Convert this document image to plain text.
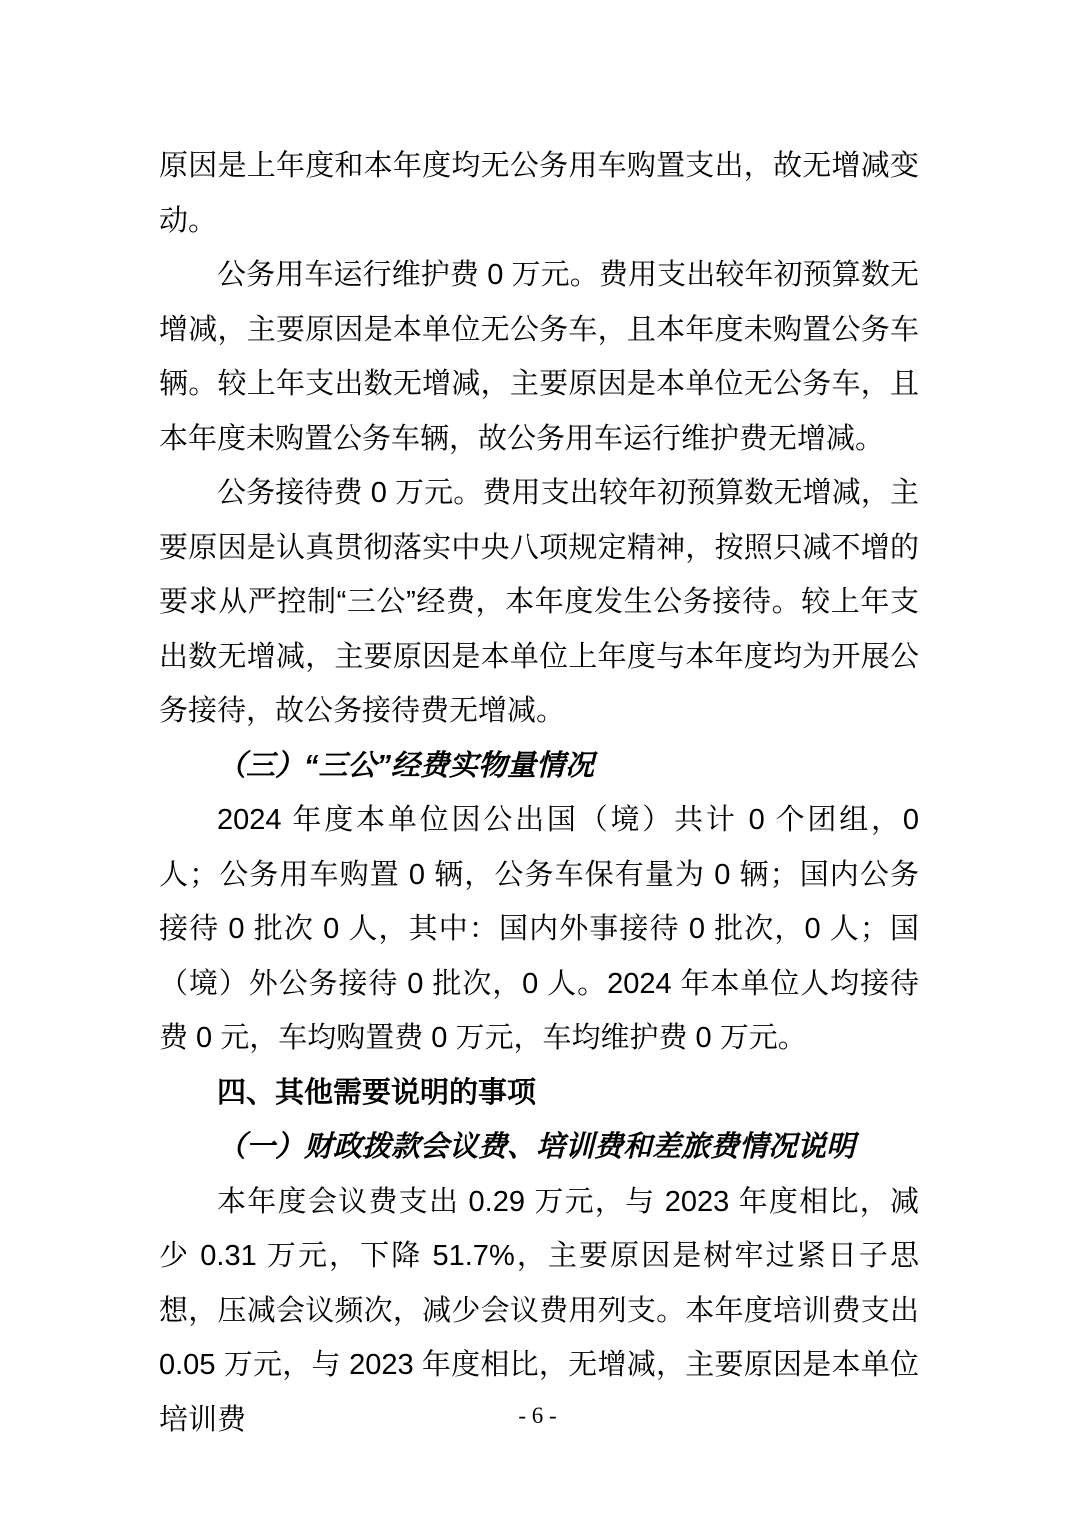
原因是上年度和本年度均无公务用车购置支出，故无增减变动。

公务用车运行维护费 0 万元。费用支出较年初预算数无增减，主要原因是本单位无公务车，且本年度未购置公务车辆。较上年支出数无增减，主要原因是本单位无公务车，且本年度未购置公务车辆，故公务用车运行维护费无增减。

公务接待费 0 万元。费用支出较年初预算数无增减，主要原因是认真贯彻落实中央八项规定精神，按照只减不增的要求从严控制“三公”经费，本年度发生公务接待。较上年支出数无增减，主要原因是本单位上年度与本年度均为开展公务接待，故公务接待费无增减。

（三）“三公”经费实物量情况

2024 年度本单位因公出国（境）共计 0 个团组，0 人；公务用车购置 0 辆，公务车保有量为 0 辆；国内公务接待 0 批次 0 人，其中：国内外事接待 0 批次，0 人；国（境）外公务接待 0 批次，0 人。2024 年本单位人均接待费 0 元，车均购置费 0 万元，车均维护费 0 万元。

四、其他需要说明的事项

（一）财政拨款会议费、培训费和差旅费情况说明

本年度会议费支出 0.29 万元，与 2023 年度相比，减少 0.31 万元，下降 51.7%，主要原因是树牢过紧日子思想，压减会议频次，减少会议费用列支。本年度培训费支出 0.05 万元，与 2023 年度相比，无增减，主要原因是本单位培训费	- 6 -
